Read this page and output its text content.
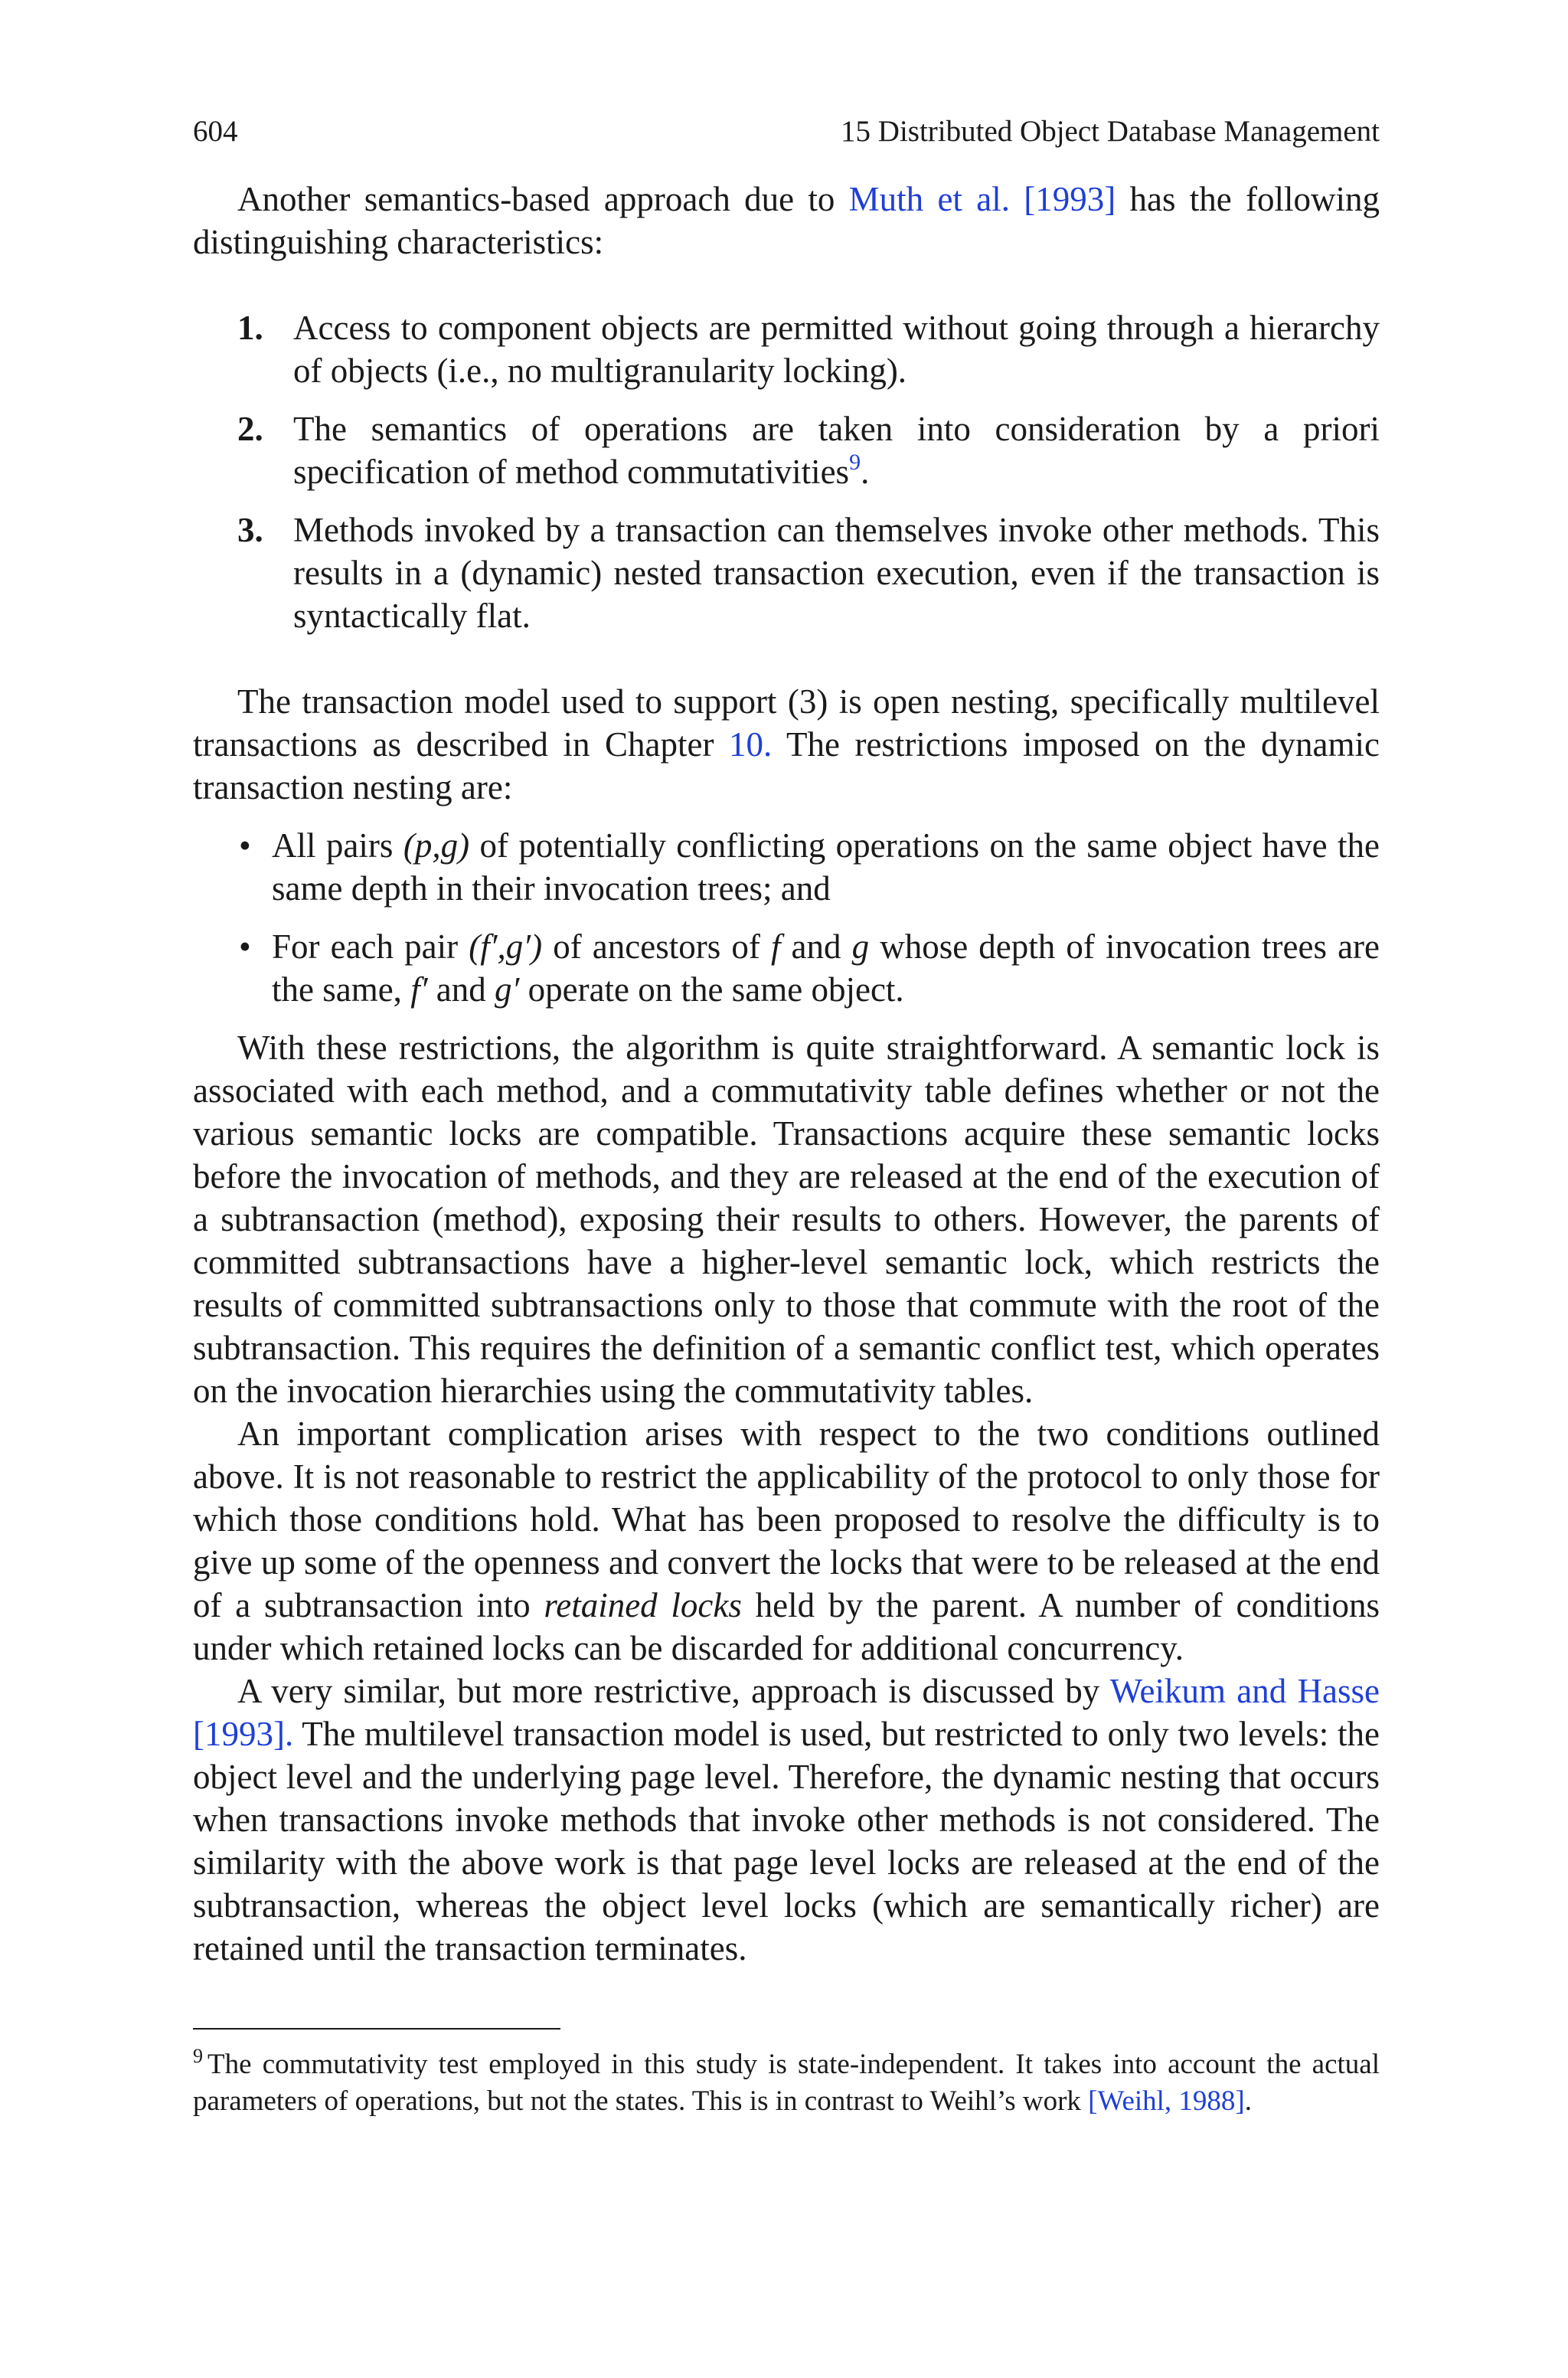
604	15 Distributed Object Database Management

Another semantics-based approach due to Muth et al. [1993] has the following distinguishing characteristics:

1. Access to component objects are permitted without going through a hierarchy of objects (i.e., no multigranularity locking).
2. The semantics of operations are taken into consideration by a priori specification of method commutativities$^9$.
3. Methods invoked by a transaction can themselves invoke other methods. This results in a (dynamic) nested transaction execution, even if the transaction is syntactically flat.

The transaction model used to support (3) is open nesting, specifically multilevel transactions as described in Chapter 10. The restrictions imposed on the dynamic transaction nesting are:

• All pairs (p,g) of potentially conflicting operations on the same object have the same depth in their invocation trees; and
• For each pair (f′,g′) of ancestors of f and g whose depth of invocation trees are the same, f′ and g′ operate on the same object.

With these restrictions, the algorithm is quite straightforward. A semantic lock is associated with each method, and a commutativity table defines whether or not the various semantic locks are compatible. Transactions acquire these semantic locks before the invocation of methods, and they are released at the end of the execution of a subtransaction (method), exposing their results to others. However, the parents of committed subtransactions have a higher-level semantic lock, which restricts the results of committed subtransactions only to those that commute with the root of the subtransaction. This requires the definition of a semantic conflict test, which operates on the invocation hierarchies using the commutativity tables.

An important complication arises with respect to the two conditions outlined above. It is not reasonable to restrict the applicability of the protocol to only those for which those conditions hold. What has been proposed to resolve the difficulty is to give up some of the openness and convert the locks that were to be released at the end of a subtransaction into retained locks held by the parent. A number of conditions under which retained locks can be discarded for additional concurrency.

A very similar, but more restrictive, approach is discussed by Weikum and Hasse [1993]. The multilevel transaction model is used, but restricted to only two levels: the object level and the underlying page level. Therefore, the dynamic nesting that occurs when transactions invoke methods that invoke other methods is not considered. The similarity with the above work is that page level locks are released at the end of the subtransaction, whereas the object level locks (which are semantically richer) are retained until the transaction terminates.

$^9$ The commutativity test employed in this study is state-independent. It takes into account the actual parameters of operations, but not the states. This is in contrast to Weihl’s work [Weihl, 1988].
